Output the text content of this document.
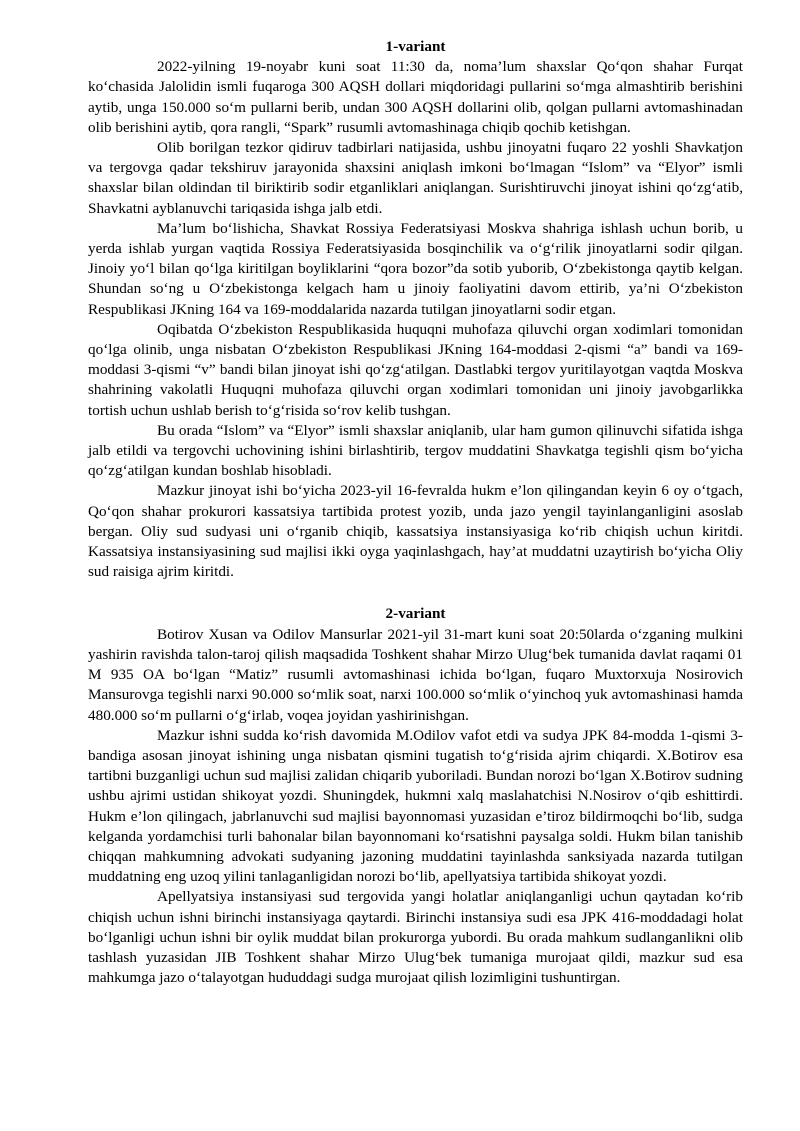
1-variant

2022-yilning 19-noyabr kuni soat 11:30 da, noma’lum shaxslar Qo‘qon shahar Furqat ko‘chasida Jalolidin ismli fuqaroga 300 AQSH dollari miqdoridagi pullarini so‘mga almashtirib berishini aytib, unga 150.000 so‘m pullarni berib, undan 300 AQSH dollarini olib, qolgan pullarni avtomashinadan olib berishini aytib, qora rangli, “Spark” rusumli avtomashinaga chiqib qochib ketishgan.

Olib borilgan tezkor qidiruv tadbirlari natijasida, ushbu jinoyatni fuqaro 22 yoshli Shavkatjon va tergovga qadar tekshiruv jarayonida shaxsini aniqlash imkoni bo‘lmagan “Islom” va “Elyor” ismli shaxslar bilan oldindan til biriktirib sodir etganliklari aniqlangan. Surishtiruvchi jinoyat ishini qo‘zg‘atib, Shavkatni ayblanuvchi tariqasida ishga jalb etdi.

Ma’lum bo‘lishicha, Shavkat Rossiya Federatsiyasi Moskva shahriga ishlash uchun borib, u yerda ishlab yurgan vaqtida Rossiya Federatsiyasida bosqinchilik va o‘g‘rilik jinoyatlarni sodir qilgan. Jinoiy yo‘l bilan qo‘lga kiritilgan boyliklarini “qora bozor”da sotib yuborib, O‘zbekistonga qaytib kelgan. Shundan so‘ng u O‘zbekistonga kelgach ham u jinoiy faoliyatini davom ettirib, ya’ni O‘zbekiston Respublikasi JKning 164 va 169-moddalarida nazarda tutilgan jinoyatlarni sodir etgan.

Oqibatda O‘zbekiston Respublikasida huquqni muhofaza qiluvchi organ xodimlari tomonidan qo‘lga olinib, unga nisbatan O‘zbekiston Respublikasi JKning 164-moddasi 2-qismi “a” bandi va 169-moddasi 3-qismi “v” bandi bilan jinoyat ishi qo‘zg‘atilgan. Dastlabki tergov yuritilayotgan vaqtda Moskva shahrining vakolatli Huquqni muhofaza qiluvchi organ xodimlari tomonidan uni jinoiy javobgarlikka tortish uchun ushlab berish to‘g‘risida so‘rov kelib tushgan.

Bu orada “Islom” va “Elyor” ismli shaxslar aniqlanib, ular ham gumon qilinuvchi sifatida ishga jalb etildi va tergovchi uchovining ishini birlashtirib, tergov muddatini Shavkatga tegishli qism bo‘yicha qo‘zg‘atilgan kundan boshlab hisobladi.

Mazkur jinoyat ishi bo‘yicha 2023-yil 16-fevralda hukm e’lon qilingandan keyin 6 oy o‘tgach, Qo‘qon shahar prokurori kassatsiya tartibida protest yozib, unda jazo yengil tayinlanganligini asoslab bergan. Oliy sud sudyasi uni o‘rganib chiqib, kassatsiya instansiyasiga ko‘rib chiqish uchun kiritdi. Kassatsiya instansiyasining sud majlisi ikki oyga yaqinlashgach, hay’at muddatni uzaytirish bo‘yicha Oliy sud raisiga ajrim kiritdi.

2-variant

Botirov Xusan va Odilov Mansurlar 2021-yil 31-mart kuni soat 20:50larda o‘zganing mulkini yashirin ravishda talon-taroj qilish maqsadida Toshkent shahar Mirzo Ulug‘bek tumanida davlat raqami 01 M 935 OA bo‘lgan “Matiz” rusumli avtomashinasi ichida bo‘lgan, fuqaro Muxtorxuja Nosirovich Mansurovga tegishli narxi 90.000 so‘mlik soat, narxi 100.000 so‘mlik o‘yinchoq yuk avtomashinasi hamda 480.000 so‘m pullarni o‘g‘irlab, voqea joyidan yashirinishgan.

Mazkur ishni sudda ko‘rish davomida M.Odilov vafot etdi va sudya JPK 84-modda 1-qismi 3-bandiga asosan jinoyat ishining unga nisbatan qismini tugatish to‘g‘risida ajrim chiqardi. X.Botirov esa tartibni buzganligi uchun sud majlisi zalidan chiqarib yuboriladi. Bundan norozi bo‘lgan X.Botirov sudning ushbu ajrimi ustidan shikoyat yozdi. Shuningdek, hukmni xalq maslahatchisi N.Nosirov o‘qib eshittirdi. Hukm e’lon qilingach, jabrlanuvchi sud majlisi bayonnomasi yuzasidan e’tiroz bildirmoqchi bo‘lib, sudga kelganda yordamchisi turli bahonalar bilan bayonnomani ko‘rsatishni paysalga soldi. Hukm bilan tanishib chiqqan mahkumning advokati sudyaning jazoning muddatini tayinlashda sanksiyada nazarda tutilgan muddatning eng uzoq yilini tanlaganligidan norozi bo‘lib, apellyatsiya tartibida shikoyat yozdi.

Apellyatsiya instansiyasi sud tergovida yangi holatlar aniqlanganligi uchun qaytadan ko‘rib chiqish uchun ishni birinchi instansiyaga qaytardi. Birinchi instansiya sudi esa JPK 416-moddadagi holat bo‘lganligi uchun ishni bir oylik muddat bilan prokurorga yubordi. Bu orada mahkum sudlanganlikni olib tashlash yuzasidan JIB Toshkent shahar Mirzo Ulug‘bek tumaniga murojaat qildi, mazkur sud esa mahkumga jazo o‘talayotgan hududdagi sudga murojaat qilish lozimligini tushuntirgan.
